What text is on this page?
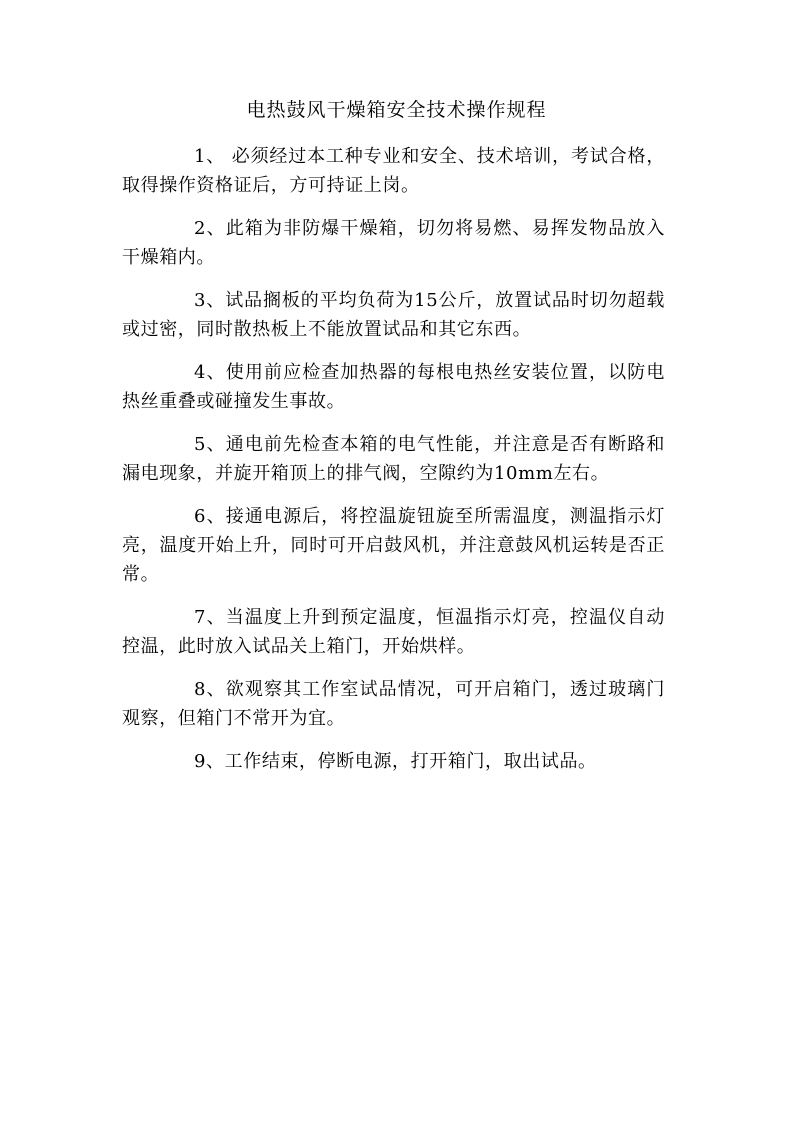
电热鼓风干燥箱安全技术操作规程

1、 必须经过本工种专业和安全、技术培训，考试合格，取得操作资格证后，方可持证上岗。

2、此箱为非防爆干燥箱，切勿将易燃、易挥发物品放入干燥箱内。

3、试品搁板的平均负荷为15公斤，放置试品时切勿超载或过密，同时散热板上不能放置试品和其它东西。

4、使用前应检查加热器的每根电热丝安装位置，以防电热丝重叠或碰撞发生事故。

5、通电前先检查本箱的电气性能，并注意是否有断路和漏电现象，并旋开箱顶上的排气阀，空隙约为10mm左右。

6、接通电源后，将控温旋钮旋至所需温度，测温指示灯亮，温度开始上升，同时可开启鼓风机，并注意鼓风机运转是否正常。

7、当温度上升到预定温度，恒温指示灯亮，控温仪自动控温，此时放入试品关上箱门，开始烘样。

8、欲观察其工作室试品情况，可开启箱门，透过玻璃门观察，但箱门不常开为宜。

9、工作结束，停断电源，打开箱门，取出试品。
